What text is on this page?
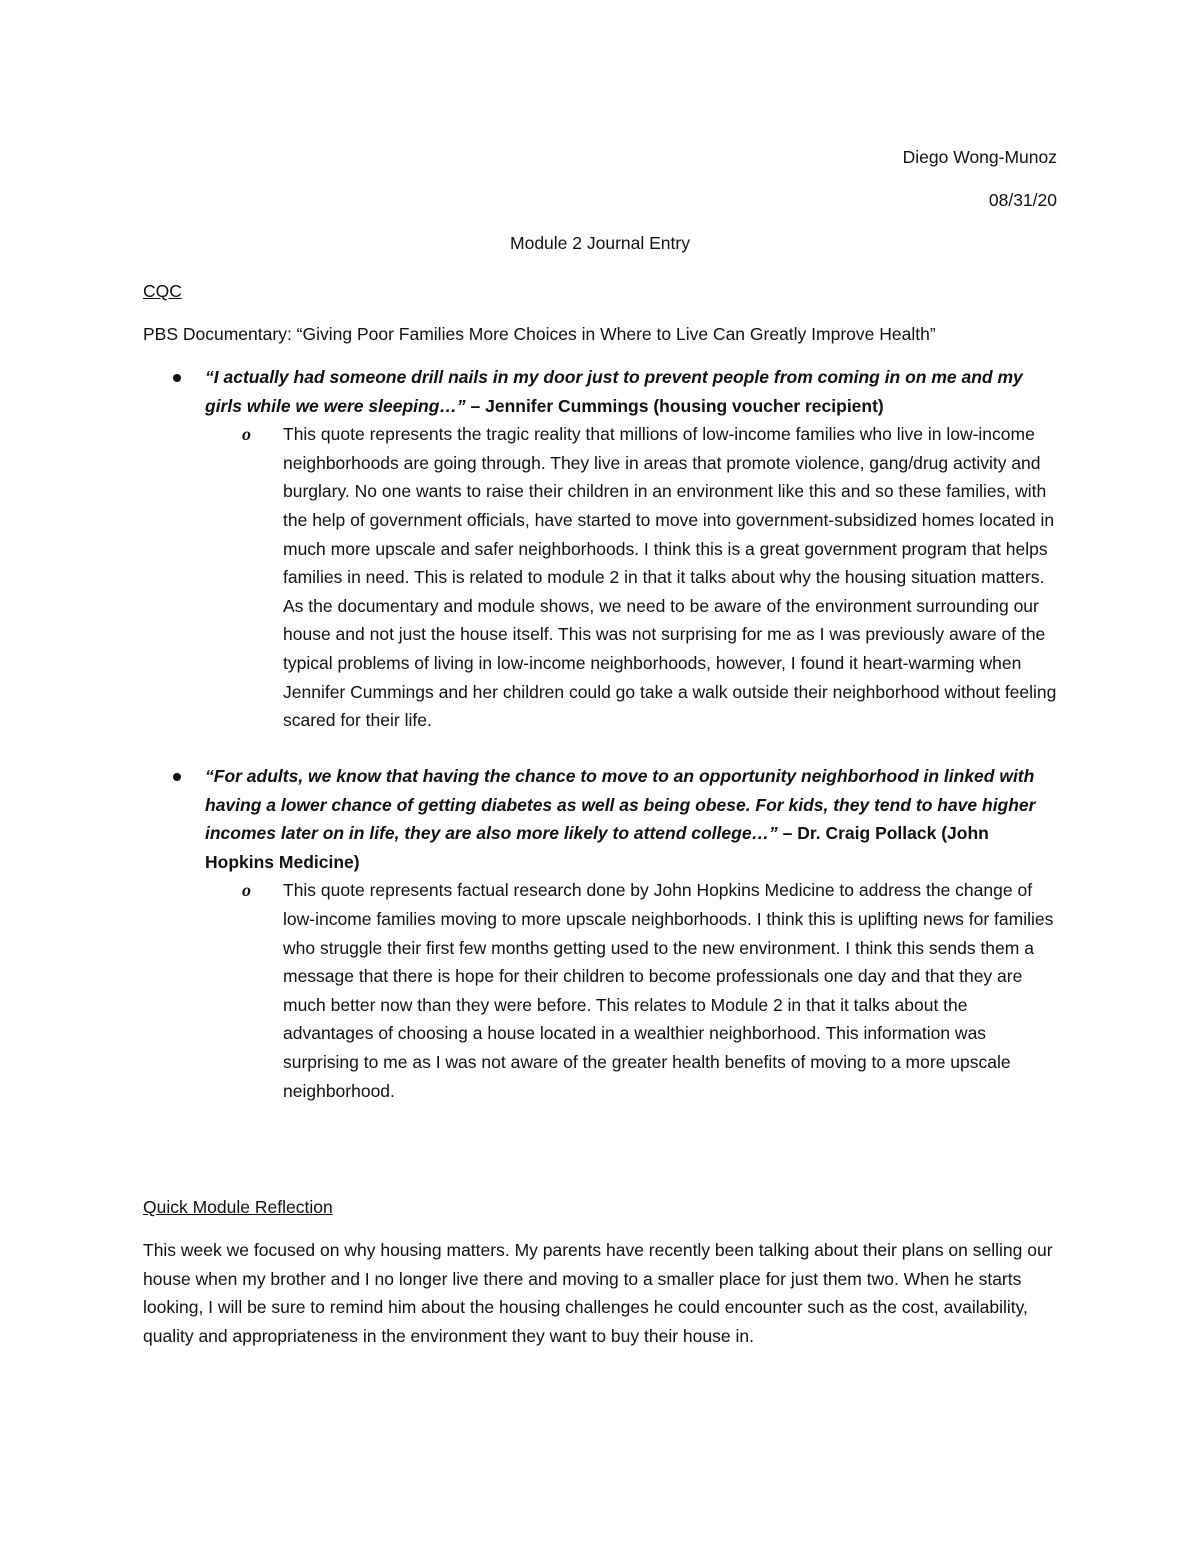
Diego Wong-Munoz
08/31/20
Module 2 Journal Entry
CQC
PBS Documentary: “Giving Poor Families More Choices in Where to Live Can Greatly Improve Health”
“I actually had someone drill nails in my door just to prevent people from coming in on me and my girls while we were sleeping…” – Jennifer Cummings (housing voucher recipient)
o This quote represents the tragic reality that millions of low-income families who live in low-income neighborhoods are going through. They live in areas that promote violence, gang/drug activity and burglary. No one wants to raise their children in an environment like this and so these families, with the help of government officials, have started to move into government-subsidized homes located in much more upscale and safer neighborhoods. I think this is a great government program that helps families in need. This is related to module 2 in that it talks about why the housing situation matters. As the documentary and module shows, we need to be aware of the environment surrounding our house and not just the house itself. This was not surprising for me as I was previously aware of the typical problems of living in low-income neighborhoods, however, I found it heart-warming when Jennifer Cummings and her children could go take a walk outside their neighborhood without feeling scared for their life.
“For adults, we know that having the chance to move to an opportunity neighborhood in linked with having a lower chance of getting diabetes as well as being obese. For kids, they tend to have higher incomes later on in life, they are also more likely to attend college…” – Dr. Craig Pollack (John Hopkins Medicine)
o This quote represents factual research done by John Hopkins Medicine to address the change of low-income families moving to more upscale neighborhoods. I think this is uplifting news for families who struggle their first few months getting used to the new environment. I think this sends them a message that there is hope for their children to become professionals one day and that they are much better now than they were before. This relates to Module 2 in that it talks about the advantages of choosing a house located in a wealthier neighborhood. This information was surprising to me as I was not aware of the greater health benefits of moving to a more upscale neighborhood.
Quick Module Reflection
This week we focused on why housing matters. My parents have recently been talking about their plans on selling our house when my brother and I no longer live there and moving to a smaller place for just them two. When he starts looking, I will be sure to remind him about the housing challenges he could encounter such as the cost, availability, quality and appropriateness in the environment they want to buy their house in.
